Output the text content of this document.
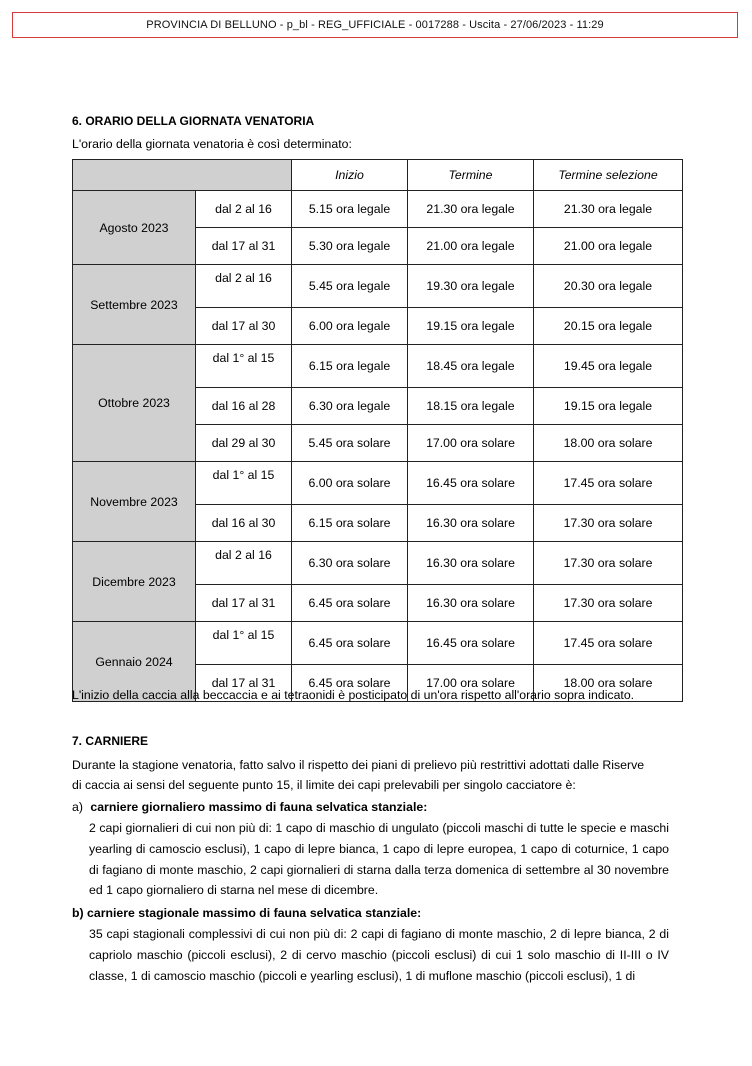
PROVINCIA DI BELLUNO - p_bl - REG_UFFICIALE - 0017288 - Uscita - 27/06/2023 - 11:29
6. ORARIO DELLA GIORNATA VENATORIA
L'orario della giornata venatoria è così determinato:
		Inizio	Termine	Termine selezione
Agosto 2023	dal 2 al 16	5.15 ora legale	21.30 ora legale	21.30 ora legale
	dal 17 al 31	5.30 ora legale	21.00 ora legale	21.00 ora legale
Settembre 2023	dal 2 al 16	5.45 ora legale	19.30 ora legale	20.30 ora legale
	dal 17 al 30	6.00 ora legale	19.15 ora legale	20.15 ora legale
Ottobre 2023	dal 1° al 15	6.15 ora legale	18.45 ora legale	19.45 ora legale
	dal 16 al 28	6.30 ora legale	18.15 ora legale	19.15 ora legale
	dal 29 al 30	5.45 ora solare	17.00 ora solare	18.00 ora solare
Novembre 2023	dal 1° al 15	6.00 ora solare	16.45 ora solare	17.45 ora solare
	dal 16 al 30	6.15 ora solare	16.30 ora solare	17.30 ora solare
Dicembre 2023	dal 2 al 16	6.30 ora solare	16.30 ora solare	17.30 ora solare
	dal 17 al 31	6.45 ora solare	16.30 ora solare	17.30 ora solare
Gennaio 2024	dal 1° al 15	6.45 ora solare	16.45 ora solare	17.45 ora solare
	dal 17 al 31	6.45 ora solare	17.00 ora solare	18.00 ora solare
L'inizio della caccia alla beccaccia e ai tetraonidi è posticipato di un'ora rispetto all'orario sopra indicato.
7. CARNIERE
Durante la stagione venatoria, fatto salvo il rispetto dei piani di prelievo più restrittivi adottati dalle Riserve
di caccia ai sensi del seguente punto 15, il limite dei capi prelevabili per singolo cacciatore è:
a) carniere giornaliero massimo di fauna selvatica stanziale:
2 capi giornalieri di cui non più di: 1 capo di maschio di ungulato (piccoli maschi di tutte le specie e maschi yearling di camoscio esclusi), 1 capo di lepre bianca, 1 capo di lepre europea, 1 capo di coturnice, 1 capo di fagiano di monte maschio, 2 capi giornalieri di starna dalla terza domenica di settembre al 30 novembre ed 1 capo giornaliero di starna nel mese di dicembre.
b) carniere stagionale massimo di fauna selvatica stanziale:
35 capi stagionali complessivi di cui non più di: 2 capi di fagiano di monte maschio, 2 di lepre bianca, 2 di capriolo maschio (piccoli esclusi), 2 di cervo maschio (piccoli esclusi) di cui 1 solo maschio di II-III o IV classe, 1 di camoscio maschio (piccoli e yearling esclusi), 1 di muflone maschio (piccoli esclusi), 1 di
